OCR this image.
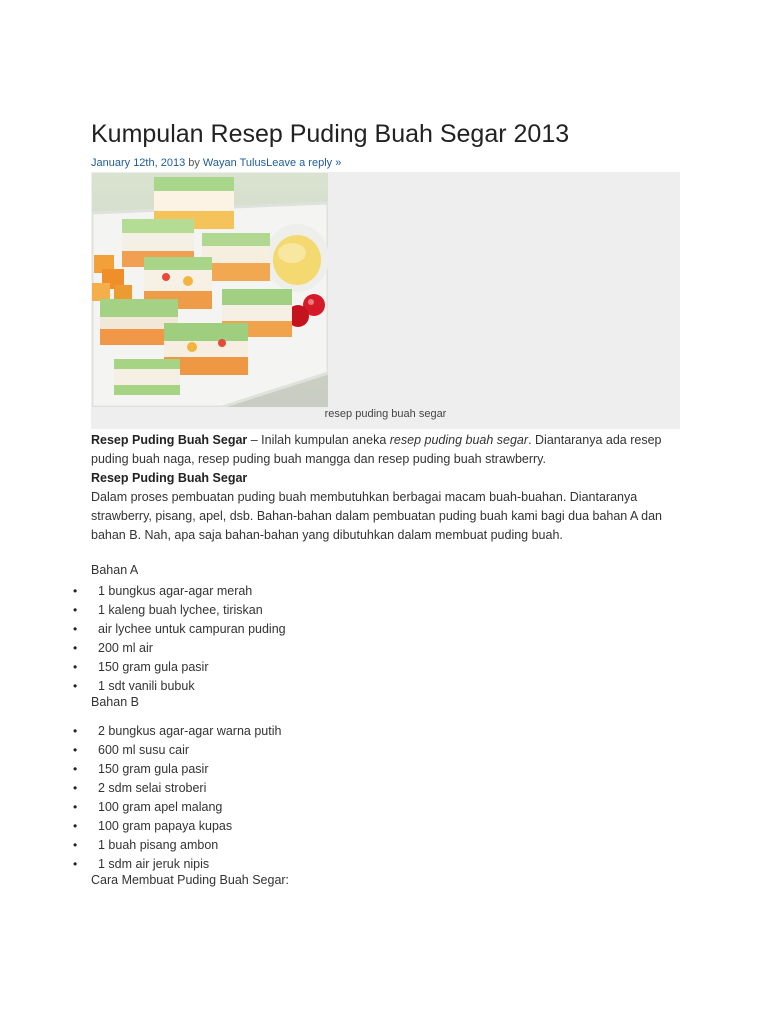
Kumpulan Resep Puding Buah Segar 2013
January 12th, 2013 by Wayan TulusLeave a reply »
resep puding buah segar

Resep Puding Buah Segar – Inilah kumpulan aneka resep puding buah segar. Diantaranya ada resep puding buah naga, resep puding buah mangga dan resep puding buah strawberry.

Resep Puding Buah Segar

Dalam proses pembuatan puding buah membutuhkan berbagai macam buah-buahan. Diantaranya strawberry, pisang, apel, dsb. Bahan-bahan dalam pembuatan puding buah kami bagi dua bahan A dan bahan B. Nah, apa saja bahan-bahan yang dibutuhkan dalam membuat puding buah.

Bahan A
• 1 bungkus agar-agar merah
• 1 kaleng buah lychee, tiriskan
• air lychee untuk campuran puding
• 200 ml air
• 150 gram gula pasir
• 1 sdt vanili bubuk
Bahan B
• 2 bungkus agar-agar warna putih
• 600 ml susu cair
• 150 gram gula pasir
• 2 sdm selai stroberi
• 100 gram apel malang
• 100 gram papaya kupas
• 1 buah pisang ambon
• 1 sdm air jeruk nipis
Cara Membuat Puding Buah Segar:
